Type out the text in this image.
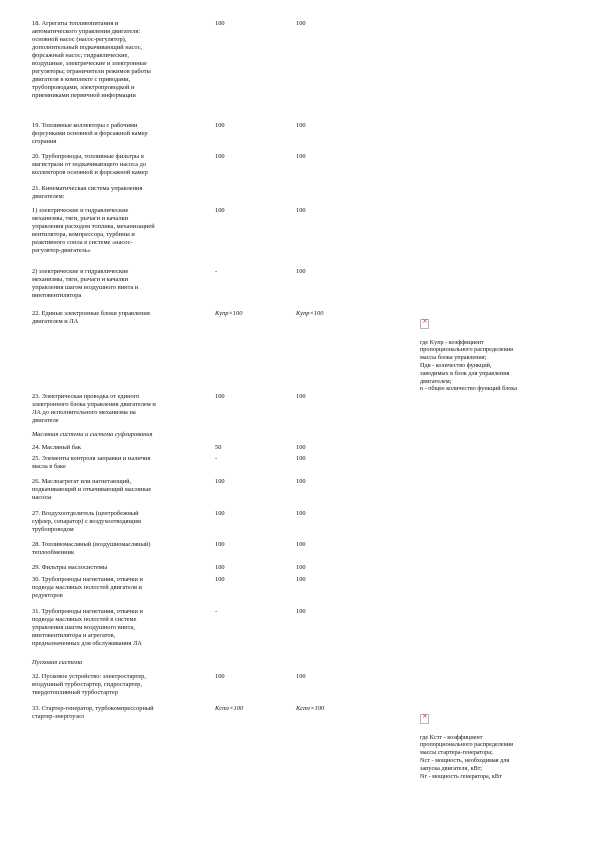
18. Агрегаты топливопитания и
автоматического управления двигателя:
основной насос (насос-регулятор),
дополнительный подкачивающий насос,
форсажный насос; гидравлические,
воздушные, электрические и электронные
регуляторы; ограничители режимов работы
двигателя в комплекте с приводами,
трубопроводами, электропроводкой и
приемниками первичной информации
100	100
19. Топливные коллекторы с рабочими
форсунками основной и форсажной камер
сгорания
100	100
20. Трубопроводы, топливные фильтры в
магистрали от подкачивающего насоса до
коллекторов основной и форсажной камер
100	100
21. Кинематическая система управления
двигателем:
1) электрические и гидравлические
механизмы, тяги, рычаги и качалки
управления расходом топлива, механизацией
вентилятора, компрессора, турбины и
реактивного сопла в системе «насос-
регулятор-двигатель»
100	100
2) электрические и гидравлические
механизмы, тяги, рычаги и качалки
управления шагом воздушного винта и
винтовентилятора
-	100
22. Единые электронные блоки управления
двигателем и ЛА
Kупр×100	Kупр×100

×

где Kупр - коэффициент
пропорционального распределения
массы блока управления;
Пдв - количество функций,
заводимых в блок для управления
двигателем;
n - общее количество функций блока

23. Электрическая проводка от единого
электронного блока управления двигателем и
ЛА до исполнительного механизма на
двигателе
100	100
Масляная система и система суфлирования
24. Масляный бак	50	100
25. Элементы контроля заправки и наличия
масла в баке
-	100
26. Маслоагрегат или нагнетающий,
подкачивающий и откачивающий масляные
насосы
100	100
27. Воздухоотделитель (центробежный
суфлер, сепаратор) с воздухоотводящим
трубопроводом
100	100
28. Топливомасляный (воздушномасляный)
теплообменник
100	100
29. Фильтры маслосистемы	100	100
30. Трубопроводы нагнетания, откачки и
подвода масляных полостей двигателя и
редукторов
100	100
31. Трубопроводы нагнетания, откачки и
подвода масляных полостей в системе
управления шагом воздушного винта,
винтовентилятора и агрегатов,
предназначенных для обслуживания ЛА
-	100
Пусковая система
32. Пусковое устройство: электростартер,
воздушный турбостартер, гидростартер,
твердотопливный турбостартер
100	100
33. Стартер-генератор, турбокомпрессорный
стартер-энергоузел
Kстг×100	Kстг×100

×

где Kстг - коэффициент
пропорционального распределения
массы стартера-генератора;
Nст - мощность, необходимая для
запуска двигателя, кВт;
Nг - мощность генератора, кВт
